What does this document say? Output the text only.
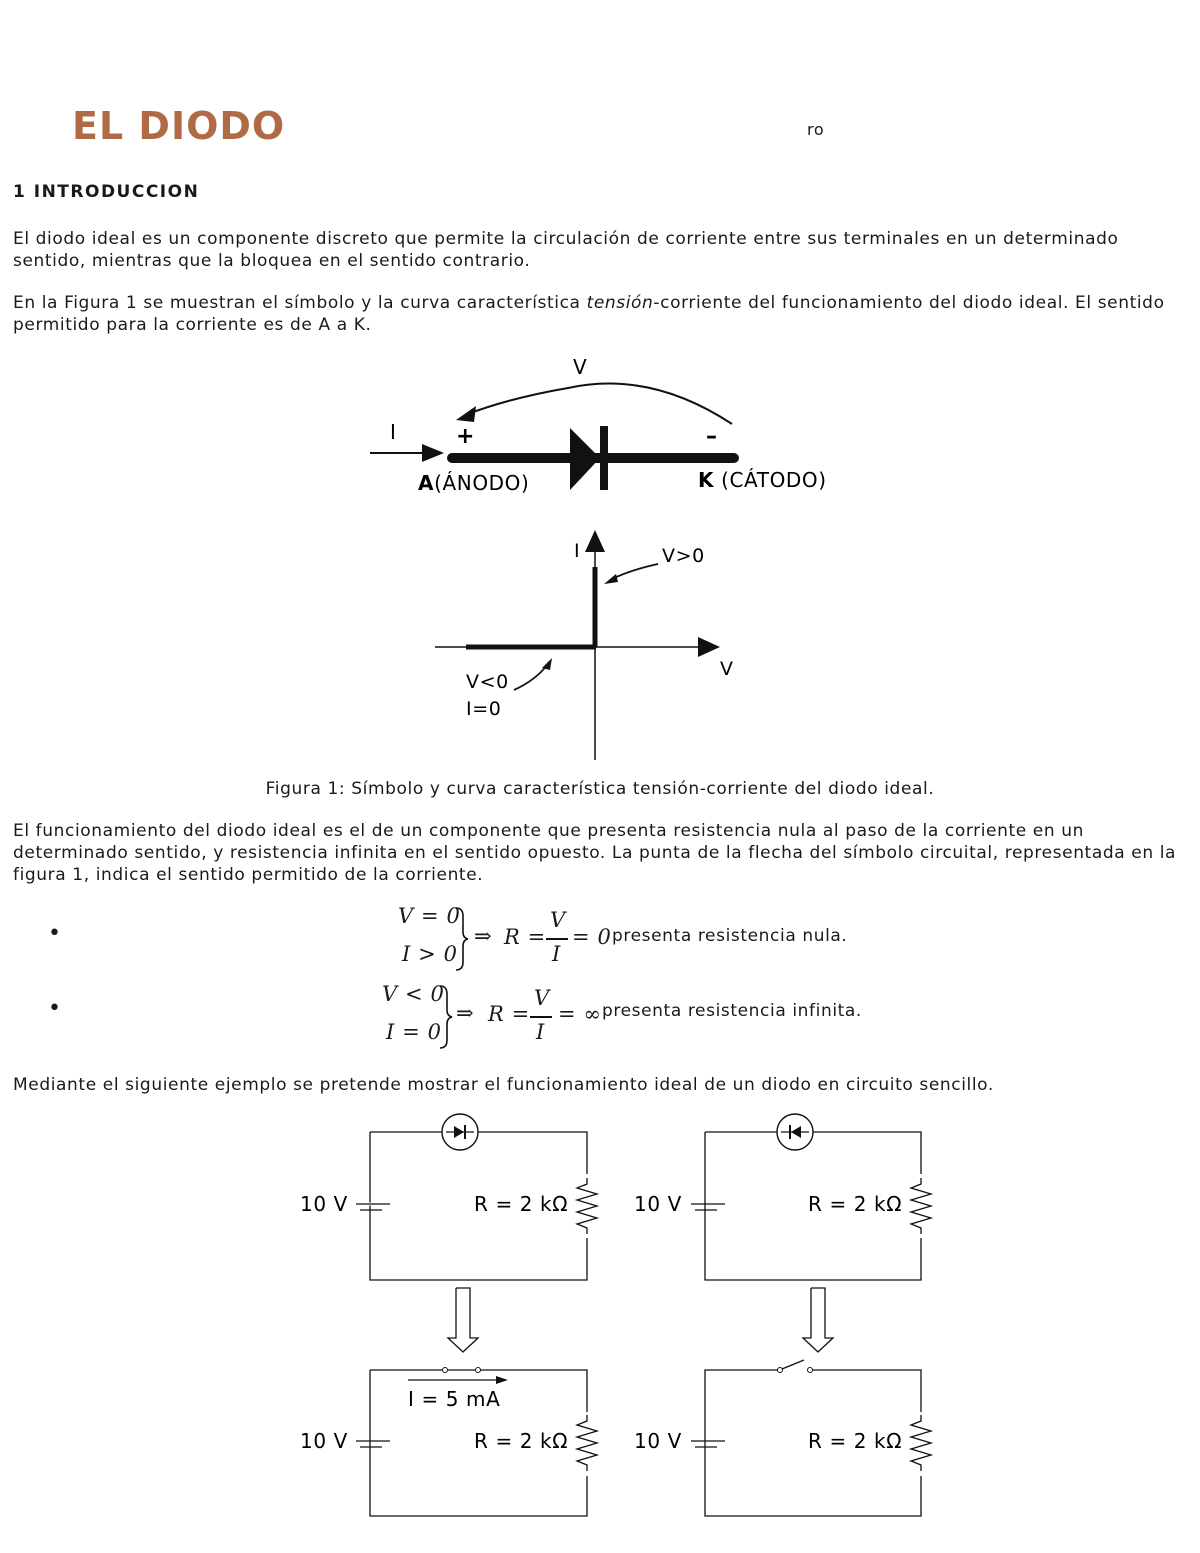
EL DIODO	ro
1 INTRODUCCION

El diodo ideal es un componente discreto que permite la circulación de corriente entre sus terminales en un determinado sentido, mientras que la bloquea en el sentido contrario.

En la Figura 1 se muestran el símbolo y la curva característica tensión-corriente del funcionamiento del diodo ideal. El sentido permitido para la corriente es de A a K.

V
I	+	–
A(ÁNODO)	K (CÁTODO)
I
V
V>0
V<0
I=0
Figura 1: Símbolo y curva característica tensión-corriente del diodo ideal.

El funcionamiento del diodo ideal es el de un componente que presenta resistencia nula al paso de la corriente en un determinado sentido, y resistencia infinita en el sentido opuesto. La punta de la flecha del símbolo circuital, representada en la figura 1, indica el sentido permitido de la corriente.

•
V = 0
I > 0
⇒ R =
V
I
= 0 presenta resistencia nula.
•
V < 0
I = 0
⇒ R =
V
I
= ∞ presenta resistencia infinita.

Mediante el siguiente ejemplo se pretende mostrar el funcionamiento ideal de un diodo en circuito sencillo.

10 V	R = 2 kΩ	10 V	R = 2 kΩ
I = 5 mA
10 V	R = 2 kΩ	10 V	R = 2 kΩ
